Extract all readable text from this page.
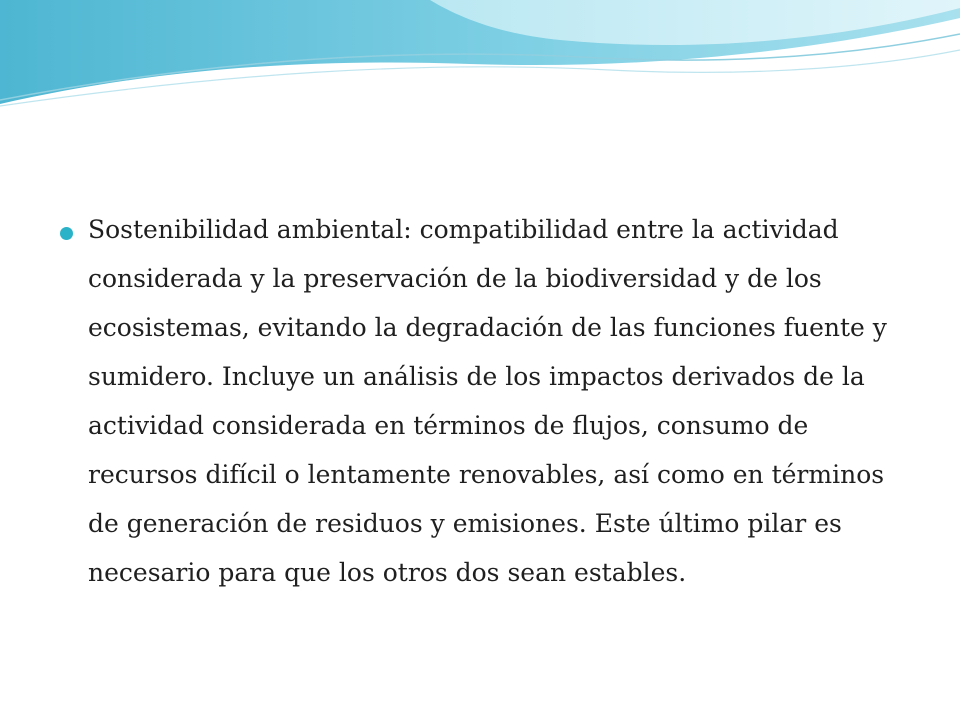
Sostenibilidad ambiental: compatibilidad entre la actividad considerada y la preservación de la biodiversidad y de los ecosistemas, evitando la degradación de las funciones fuente y sumidero. Incluye un análisis de los impactos derivados de la actividad considerada en términos de flujos, consumo de recursos difícil o lentamente renovables, así como en términos de generación de residuos y emisiones. Este último pilar es necesario para que los otros dos sean estables.
